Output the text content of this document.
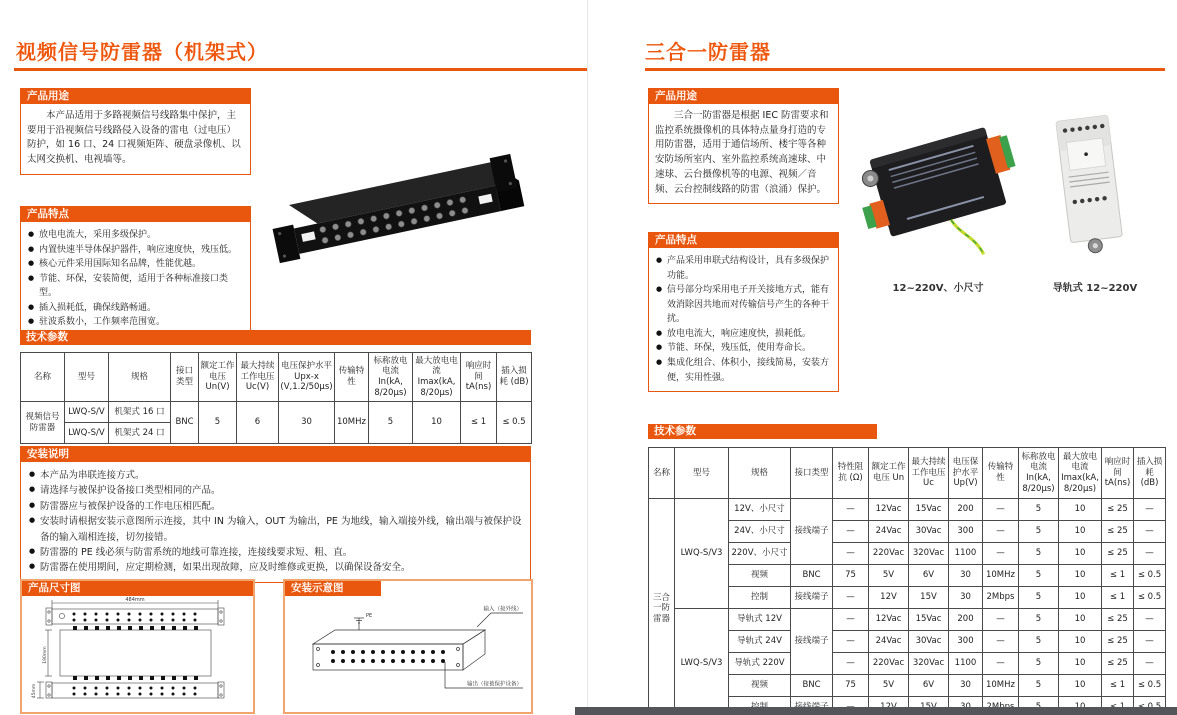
视频信号防雷器（机架式）
产品用途

本产品适用于多路视频信号线路集中保护，主要用于沿视频信号线路侵入设备的雷电（过电压）防护，如 16 口、24 口视频矩阵、硬盘录像机、以太网交换机、电视墙等。

产品特点
● 放电电流大，采用多级保护。
● 内置快速半导体保护器件，响应速度快，残压低。
● 核心元件采用国际知名品牌，性能优越。
● 节能、环保，安装简便，适用于各种标准接口类型。
● 插入损耗低，确保线路畅通。
● 驻波系数小，工作频率范围宽。
技术参数
名称	型号	规格	接口类型	额定工作电压 Un(V)	最大持续工作电压 Uc(V)	电压保护水平 Upx-x (V,1.2/50μs)	传输特性	标称放电电流 In(kA, 8/20μs)	最大放电电流 Imax(kA, 8/20μs)	响应时间 tA(ns)	插入损耗 (dB)
视频信号防雷器	LWQ-S/V	机架式 16 口	BNC	5	6	30	10MHz	5	10	≤ 1	≤ 0.5
	LWQ-S/V	机架式 24 口									
安装说明
● 本产品为串联连接方式。
● 请选择与被保护设备接口类型相同的产品。
● 防雷器应与被保护设备的工作电压相匹配。
● 安装时请根据安装示意图所示连接，其中 IN 为输入，OUT 为输出，PE 为地线，输入端接外线，输出端与被保护设备的输入端相连接，切勿接错。
● 防雷器的 PE 线必须与防雷系统的地线可靠连接，连接线要求短、粗、直。
● 防雷器在使用期间，应定期检测，如果出现故障，应及时维修或更换，以确保设备安全。
产品尺寸图
484mm
190mm
45mm
安装示意图
PE
输入（接外线）
输出（接被保护设备）
三合一防雷器
产品用途

三合一防雷器是根据 IEC 防雷要求和监控系统摄像机的具体特点量身打造的专用防雷器，适用于通信场所、楼宇等各种安防场所室内、室外监控系统高速球、中速球、云台摄像机等的电源、视频／音频、云台控制线路的防雷（浪涌）保护。

12~220V、小尺寸	导轨式 12~220V
产品特点
● 产品采用串联式结构设计，具有多级保护功能。
● 信号部分均采用电子开关接地方式，能有效消除因共地而对传输信号产生的各种干扰。
● 放电电流大，响应速度快，损耗低。
● 节能、环保，残压低，使用寿命长。
● 集成化组合、体积小，接线简易，安装方便，实用性强。
技术参数
名称	型号	规格	接口类型	特性阻抗 (Ω)	额定工作电压 Un	最大持续工作电压 Uc	电压保护水平 Up(V)	传输特性	标称放电电流 In(kA, 8/20μs)	最大放电电流 Imax(kA, 8/20μs)	响应时间 tA(ns)	插入损耗 (dB)
三合一防雷器	LWQ-S/V3	12V、小尺寸	接线端子	—	12Vac	15Vac	200	—	5	10	≤ 25	—
		24V、小尺寸		—	24Vac	30Vac	300	—	5	10	≤ 25	—
		220V、小尺寸		—	220Vac	320Vac	1100	—	5	10	≤ 25	—
		视频	BNC	75	5V	6V	30	10MHz	5	10	≤ 1	≤ 0.5
		控制	接线端子	—	12V	15V	30	2Mbps	5	10	≤ 1	≤ 0.5
	LWQ-S/V3	导轨式 12V	接线端子	—	12Vac	15Vac	200	—	5	10	≤ 25	—
		导轨式 24V		—	24Vac	30Vac	300	—	5	10	≤ 25	—
		导轨式 220V		—	220Vac	320Vac	1100	—	5	10	≤ 25	—
		视频	BNC	75	5V	6V	30	10MHz	5	10	≤ 1	≤ 0.5
